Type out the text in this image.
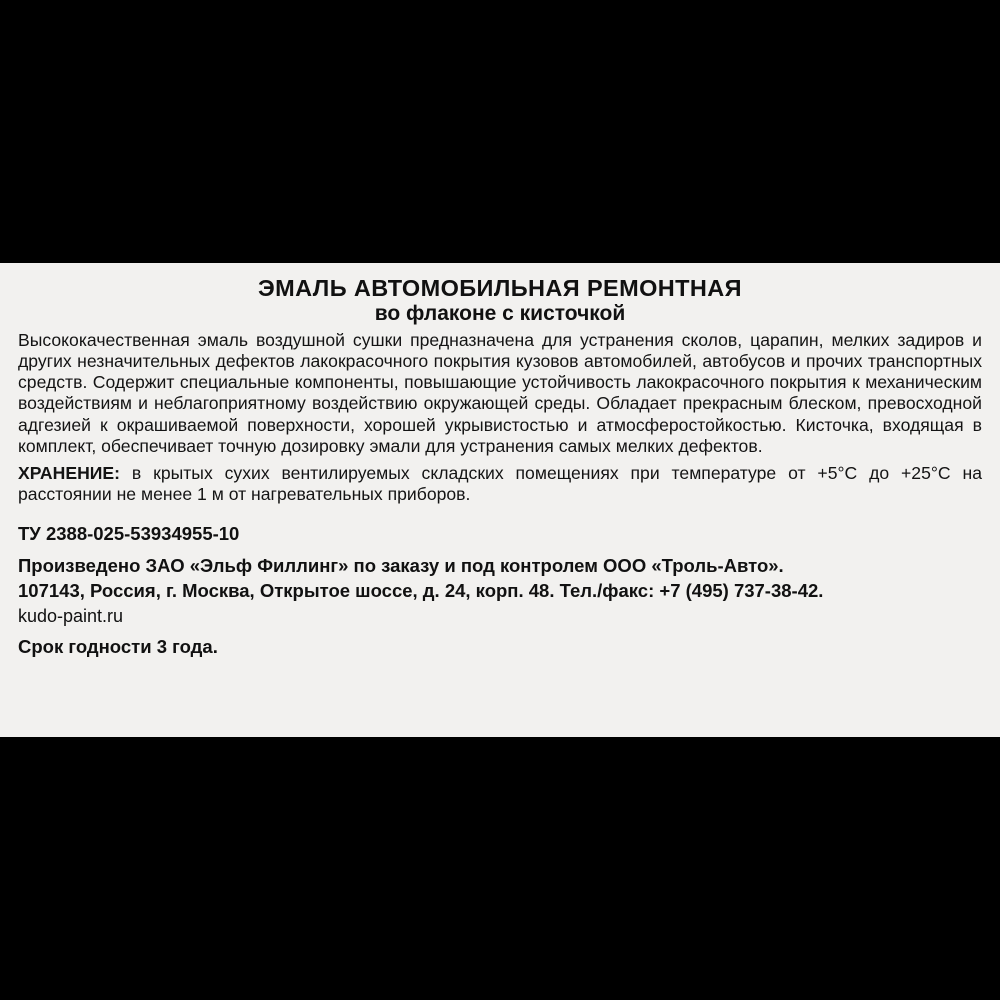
ЭМАЛЬ АВТОМОБИЛЬНАЯ РЕМОНТНАЯ
во флаконе с кисточкой

Высококачественная эмаль воздушной сушки предназначена для устранения сколов, царапин, мелких задиров и других незначительных дефектов лакокрасочного покрытия кузовов автомобилей, автобусов и прочих транспортных средств. Содержит специальные компоненты, повышающие устойчивость лакокрасочного покрытия к механическим воздействиям и неблагоприятному воздействию окружающей среды. Обладает прекрасным блеском, превосходной адгезией к окрашиваемой поверхности, хорошей укрывистостью и атмосферостойкостью. Кисточка, входящая в комплект, обеспечивает точную дозировку эмали для устранения самых мелких дефектов.

ХРАНЕНИЕ: в крытых сухих вентилируемых складских помещениях при температуре от +5°C до +25°C на расстоянии не менее 1 м от нагревательных приборов.

ТУ 2388-025-53934955-10
Произведено ЗАО «Эльф Филлинг» по заказу и под контролем ООО «Троль-Авто».
107143, Россия, г. Москва, Открытое шоссе, д. 24, корп. 48. Тел./факс: +7 (495) 737-38-42.
kudo-paint.ru
Срок годности 3 года.
